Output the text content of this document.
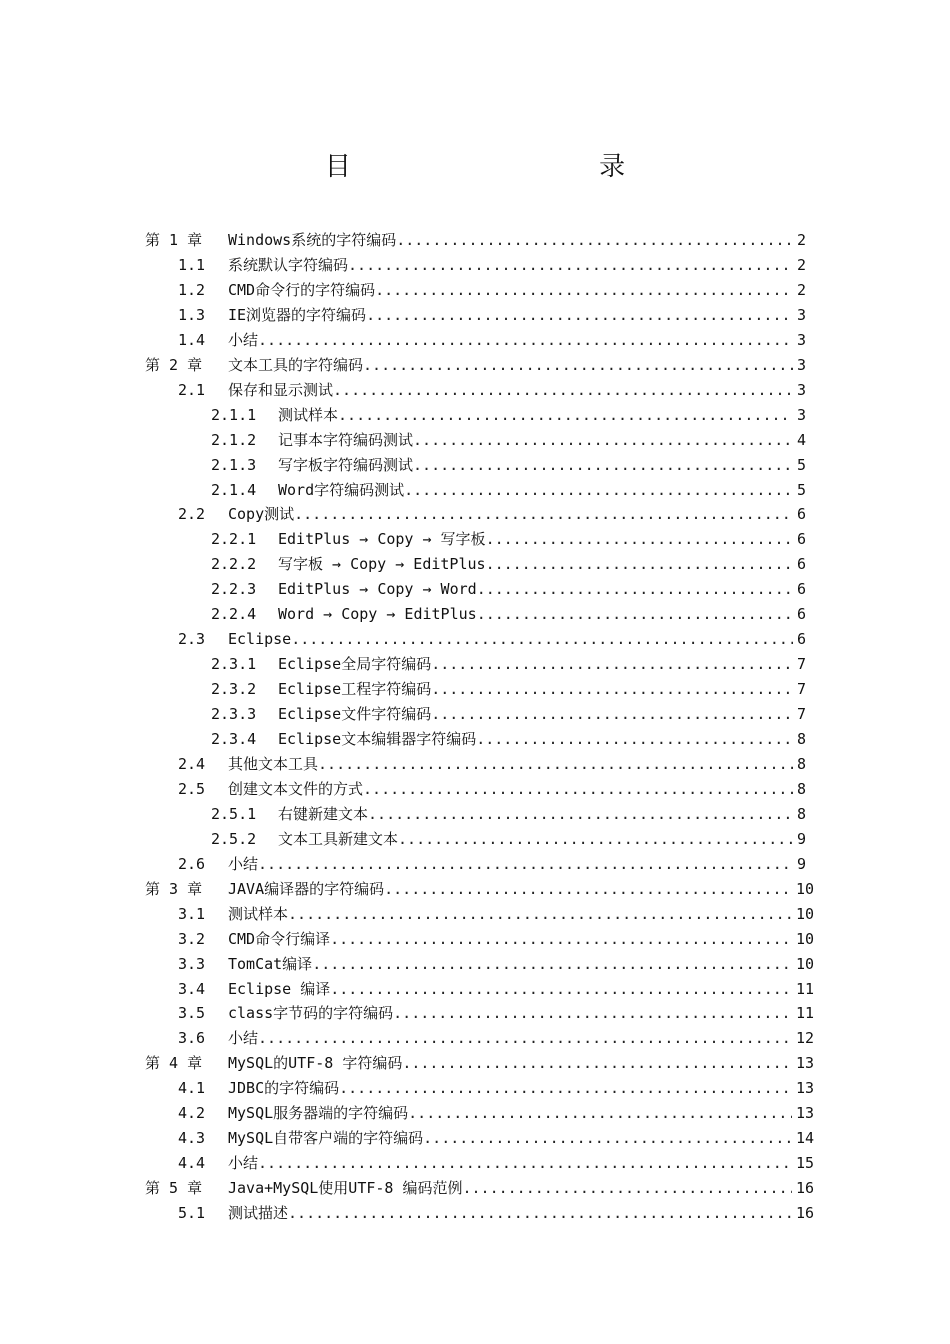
目 录
第 1 章 Windows系统的字符编码 .....	2
1.1 系统默认字符编码 .....	2
1.2 CMD命令行的字符编码 .....	2
1.3 IE浏览器的字符编码 .....	3
1.4 小结 .....	3
第 2 章 文本工具的字符编码 .....	3
2.1 保存和显示测试 .....	3
2.1.1 测试样本 .....	3
2.1.2 记事本字符编码测试 .....	4
2.1.3 写字板字符编码测试 .....	5
2.1.4 Word字符编码测试 .....	5
2.2 Copy测试 .....	6
2.2.1 EditPlus → Copy → 写字板 .....	6
2.2.2 写字板 → Copy → EditPlus .....	6
2.2.3 EditPlus → Copy → Word .....	6
2.2.4 Word → Copy → EditPlus .....	6
2.3 Eclipse .....	6
2.3.1 Eclipse全局字符编码 .....	7
2.3.2 Eclipse工程字符编码 .....	7
2.3.3 Eclipse文件字符编码 .....	7
2.3.4 Eclipse文本编辑器字符编码 .....	8
2.4 其他文本工具 .....	8
2.5 创建文本文件的方式 .....	8
2.5.1 右键新建文本 .....	8
2.5.2 文本工具新建文本 .....	9
2.6 小结 .....	9
第 3 章 JAVA编译器的字符编码 .....	10
3.1 测试样本 .....	10
3.2 CMD命令行编译 .....	10
3.3 TomCat编译 .....	10
3.4 Eclipse 编译 .....	11
3.5 class字节码的字符编码 .....	11
3.6 小结 .....	12
第 4 章 MySQL的UTF-8 字符编码 .....	13
4.1 JDBC的字符编码 .....	13
4.2 MySQL服务器端的字符编码 .....	13
4.3 MySQL自带客户端的字符编码 .....	14
4.4 小结 .....	15
第 5 章 Java+MySQL使用UTF-8 编码范例 .....	16
5.1 测试描述 .....	16
